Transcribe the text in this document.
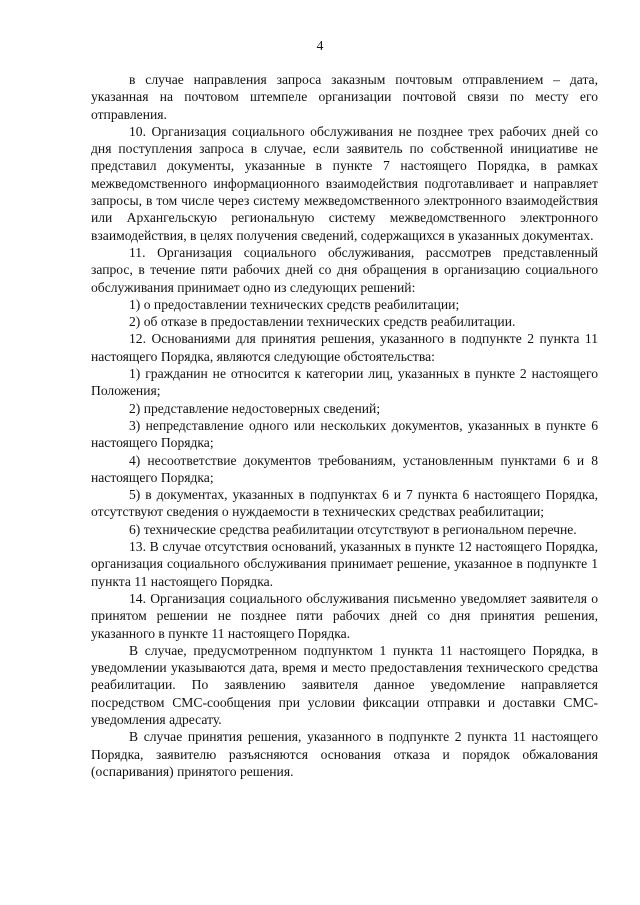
4

в случае направления запроса заказным почтовым отправлением – дата, указанная на почтовом штемпеле организации почтовой связи по месту его отправления.

10. Организация социального обслуживания не позднее трех рабочих дней со дня поступления запроса в случае, если заявитель по собственной инициативе не представил документы, указанные в пункте 7 настоящего Порядка, в рамках межведомственного информационного взаимодействия подготавливает и направляет запросы, в том числе через систему межведомственного электронного взаимодействия или Архангельскую региональную систему межведомственного электронного взаимодействия, в целях получения сведений, содержащихся в указанных документах.

11. Организация социального обслуживания, рассмотрев представленный запрос, в течение пяти рабочих дней со дня обращения в организацию социального обслуживания принимает одно из следующих решений:

1) о предоставлении технических средств реабилитации;

2) об отказе в предоставлении технических средств реабилитации.

12. Основаниями для принятия решения, указанного в подпункте 2 пункта 11 настоящего Порядка, являются следующие обстоятельства:

1) гражданин не относится к категории лиц, указанных в пункте 2 настоящего Положения;

2) представление недостоверных сведений;

3) непредставление одного или нескольких документов, указанных в пункте 6 настоящего Порядка;

4) несоответствие документов требованиям, установленным пунктами 6 и 8 настоящего Порядка;

5) в документах, указанных в подпунктах 6 и 7 пункта 6 настоящего Порядка, отсутствуют сведения о нуждаемости в технических средствах реабилитации;

6) технические средства реабилитации отсутствуют в региональном перечне.

13. В случае отсутствия оснований, указанных в пункте 12 настоящего Порядка, организация социального обслуживания принимает решение, указанное в подпункте 1 пункта 11 настоящего Порядка.

14. Организация социального обслуживания письменно уведомляет заявителя о принятом решении не позднее пяти рабочих дней со дня принятия решения, указанного в пункте 11 настоящего Порядка.

В случае, предусмотренном подпунктом 1 пункта 11 настоящего Порядка, в уведомлении указываются дата, время и место предоставления технического средства реабилитации. По заявлению заявителя данное уведомление направляется посредством СМС-сообщения при условии фиксации отправки и доставки СМС-уведомления адресату.

В случае принятия решения, указанного в подпункте 2 пункта 11 настоящего Порядка, заявителю разъясняются основания отказа и порядок обжалования (оспаривания) принятого решения.
